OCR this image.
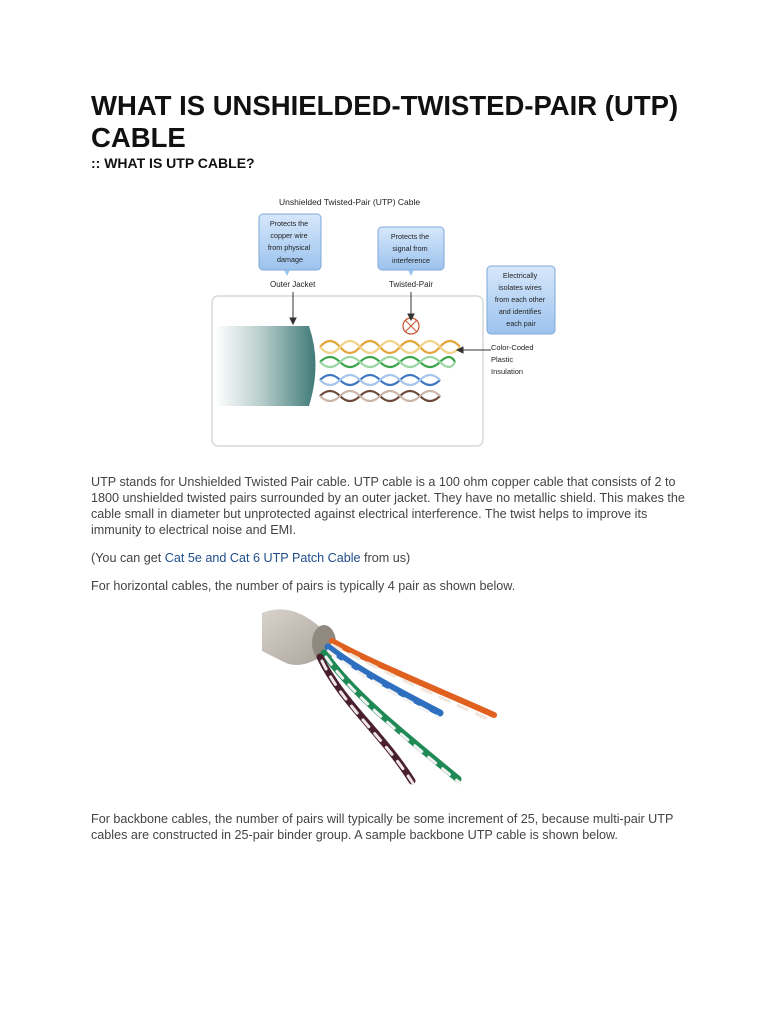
WHAT IS UNSHIELDED-TWISTED-PAIR (UTP) CABLE

:: WHAT IS UTP CABLE?

Unshielded Twisted-Pair (UTP) Cable
Protects the copper wire from physical damage
Protects the signal from interference
Electrically isolates wires from each other and identifies each pair
Outer Jacket	Twisted-Pair
Color-Coded Plastic Insulation

UTP stands for Unshielded Twisted Pair cable. UTP cable is a 100 ohm copper cable that consists of 2 to 1800 unshielded twisted pairs surrounded by an outer jacket. They have no metallic shield. This makes the cable small in diameter but unprotected against electrical interference. The twist helps to improve its immunity to electrical noise and EMI.

(You can get Cat 5e and Cat 6 UTP Patch Cable from us)

For horizontal cables, the number of pairs is typically 4 pair as shown below.

For backbone cables, the number of pairs will typically be some increment of 25, because multi-pair UTP cables are constructed in 25-pair binder group. A sample backbone UTP cable is shown below.
